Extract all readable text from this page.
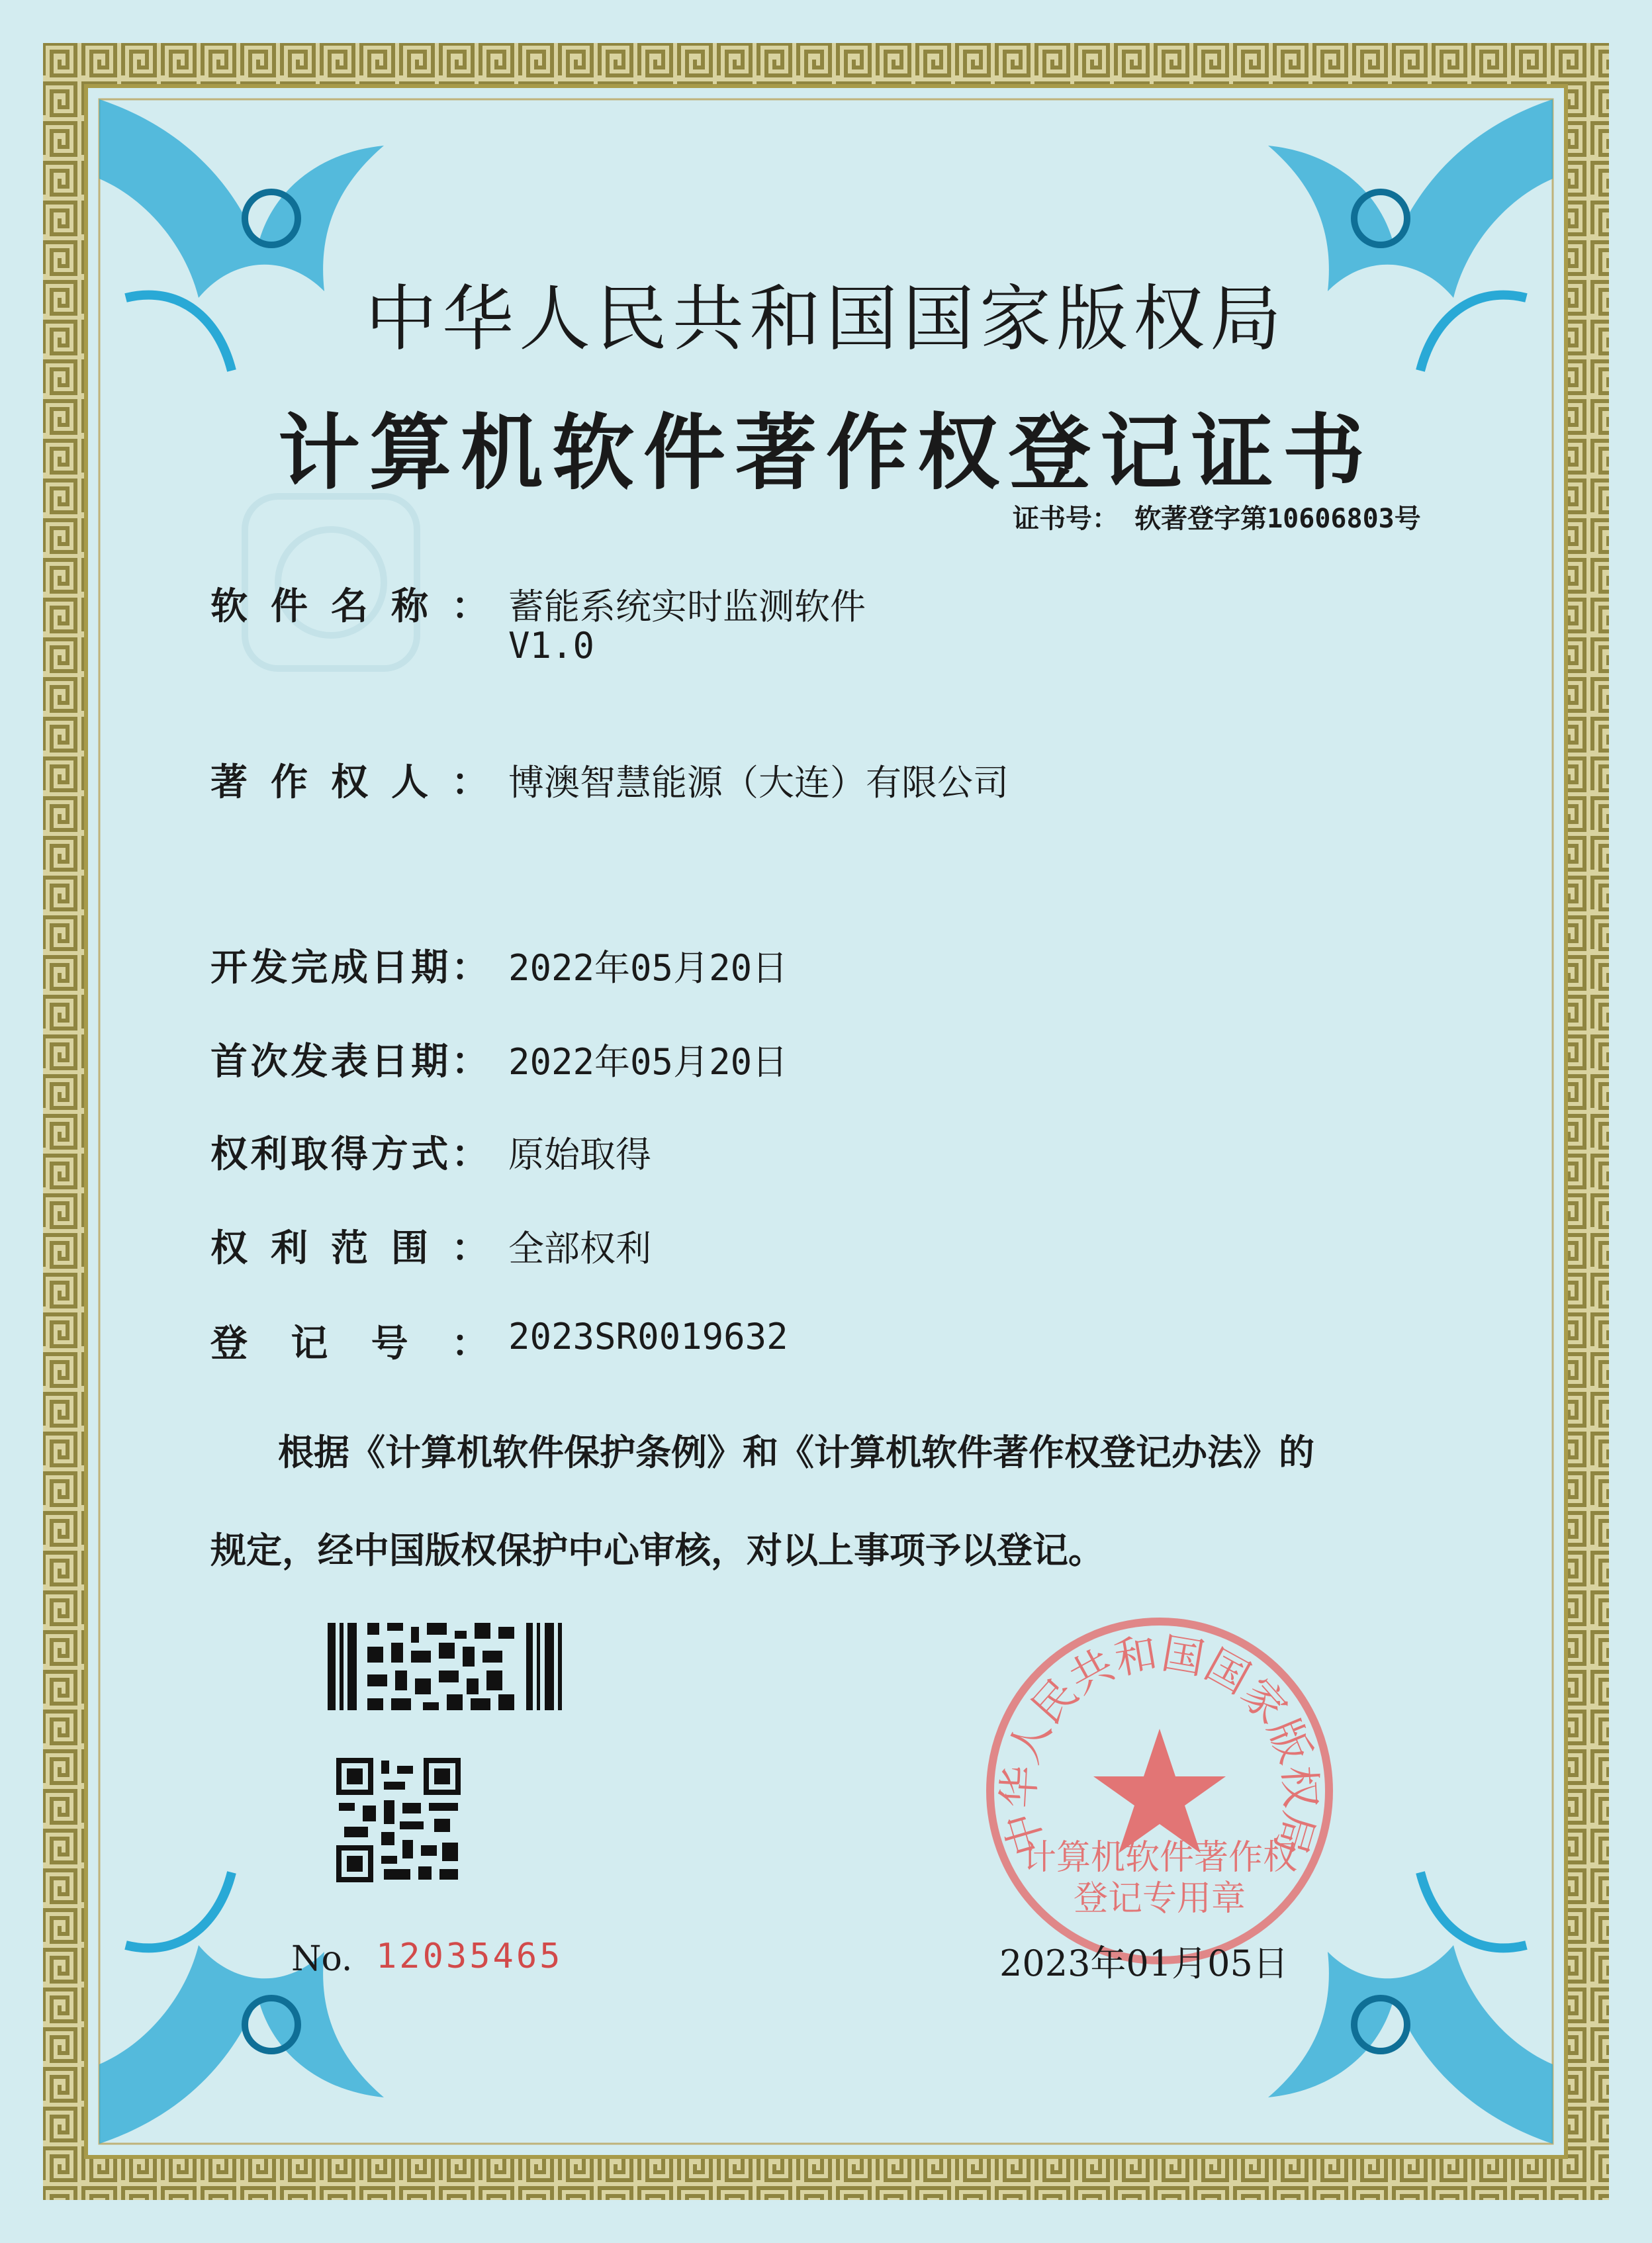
中华人民共和国国家版权局
计算机软件著作权登记证书
证书号： 软著登字第10606803号
软 件 名 称 ： 蓄能系统实时监测软件
V1.0
著 作 权 人 ： 博澳智慧能源（大连）有限公司
开 发 完 成 日 期 ： 2022年05月20日
首 次 发 表 日 期 ： 2022年05月20日
权 利 取 得 方 式 ： 原始取得
权 利 范 围 ： 全部权利
登 记 号 ： 2023SR0019632
根据《计算机软件保护条例》和《计算机软件著作权登记办法》的
规定，经中国版权保护中心审核，对以上事项予以登记。
中华人民共和国国家版权局
计算机软件著作权
登记专用章
No. 12035465	2023年01月05日
